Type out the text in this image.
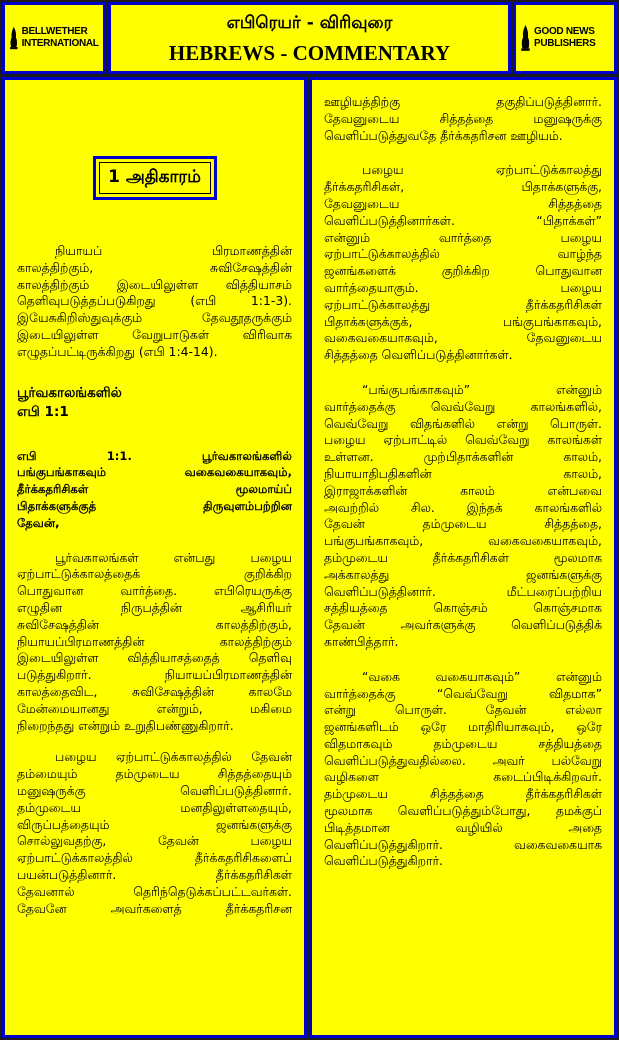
BELLWETHER INTERNATIONAL
எபிரெயர் - விரிவுரை
HEBREWS - COMMENTARY
GOOD NEWS PUBLISHERS
1 அதிகாரம்

நியாயப் பிரமாணத்தின்

காலத்திற்கும், சுவிசேஷத்தின்

காலத்திற்கும் இடையிலுள்ள வித்தியாசம்

தெளிவுபடுத்தப்படுகிறது (எபி 1:1-3).

இயேசுகிறிஸ்துவுக்கும் தேவதூதருக்கும்

இடையிலுள்ள வேறுபாடுகள் விரிவாக

எழுதப்பட்டிருக்கிறது (எபி 1:4-14).

பூர்வகாலங்களில்

எபி 1:1

எபி 1:1. பூர்வகாலங்களில்

பங்குபங்காகவும் வகைவகையாகவும்,

தீர்க்கதரிசிகள் மூலமாய்ப்

பிதாக்களுக்குத் திருவுளம்பற்றின

தேவன்,

பூர்வகாலங்கள் என்பது பழைய

ஏற்பாட்டுக்காலத்தைக் குறிக்கிற

பொதுவான வார்த்தை. எபிரெயருக்கு

எழுதின நிருபத்தின் ஆசிரியர்

சுவிசேஷத்தின் காலத்திற்கும்,

நியாயப்பிரமாணத்தின் காலத்திற்கும்

இடையிலுள்ள வித்தியாசத்தைத் தெளிவு

படுத்துகிறார். நியாயப்பிரமாணத்தின்

காலத்தைவிட, சுவிசேஷத்தின் காலமே

மேன்மையானது என்றும், மகிமை

நிறைந்தது என்றும் உறுதிபண்ணுகிறார்.

பழைய ஏற்பாட்டுக்காலத்தில் தேவன்

தம்மையும் தம்முடைய சித்தத்தையும்

மனுஷருக்கு வெளிப்படுத்தினார்.

தம்முடைய மனதிலுள்ளதையும்,

விருப்பத்தையும் ஜனங்களுக்கு

சொல்லுவதற்கு, தேவன் பழைய

ஏற்பாட்டுக்காலத்தில் தீர்க்கதரிசிகளைப்

பயன்படுத்தினார். தீர்க்கதரிசிகள்

தேவனால் தெரிந்தெடுக்கப்பட்டவர்கள்.

தேவனே அவர்களைத் தீர்க்கதரிசன

ஊழியத்திற்கு தகுதிப்படுத்தினார்.

தேவனுடைய சித்தத்தை மனுஷருக்கு

வெளிப்படுத்துவதே தீர்க்கதரிசன ஊழியம்.

பழைய ஏற்பாட்டுக்காலத்து

தீர்க்கதரிசிகள், பிதாக்களுக்கு,

தேவனுடைய சித்தத்தை

வெளிப்படுத்தினார்கள். “பிதாக்கள்”

என்னும் வார்த்தை பழைய

ஏற்பாட்டுக்காலத்தில் வாழ்ந்த

ஜனங்களைக் குறிக்கிற பொதுவான

வார்த்தையாகும். பழைய

ஏற்பாட்டுக்காலத்து தீர்க்கதரிசிகள்

பிதாக்களுக்குக், பங்குபங்காகவும்,

வகைவகையாகவும், தேவனுடைய

சித்தத்தை வெளிப்படுத்தினார்கள்.

“பங்குபங்காகவும்” என்னும்

வார்த்தைக்கு வெவ்வேறு காலங்களில்,

வெவ்வேறு விதங்களில் என்று பொருள்.

பழைய ஏற்பாட்டில் வெவ்வேறு காலங்கள்

உள்ளன. முற்பிதாக்களின் காலம்,

நியாயாதிபதிகளின் காலம்,

இராஜாக்களின் காலம் என்பவை

அவற்றில் சில. இந்தக் காலங்களில்

தேவன் தம்முடைய சித்தத்தை,

பங்குபங்காகவும், வகைவகையாகவும்,

தம்முடைய தீர்க்கதரிசிகள் மூலமாக

அக்காலத்து ஜனங்களுக்கு

வெளிப்படுத்தினார். மீட்பரைப்பற்றிய

சத்தியத்தை கொஞ்சம் கொஞ்சமாக

தேவன் அவர்களுக்கு வெளிப்படுத்திக்

காண்பித்தார்.

“வகை வகையாகவும்” என்னும்

வார்த்தைக்கு “வெவ்வேறு விதமாக”

என்று பொருள். தேவன் எல்லா

ஜனங்களிடம் ஒரே மாதிரியாகவும், ஒரே

விதமாகவும் தம்முடைய சத்தியத்தை

வெளிப்படுத்துவதில்லை. அவர் பல்வேறு

வழிகளை கடைப்பிடிக்கிறவர்.

தம்முடைய சித்தத்தை தீர்க்கதரிசிகள்

மூலமாக வெளிப்படுத்தும்போது, தமக்குப்

பிடித்தமான வழியில் அதை

வெளிப்படுத்துகிறார். வகைவகையாக

வெளிப்படுத்துகிறார்.
